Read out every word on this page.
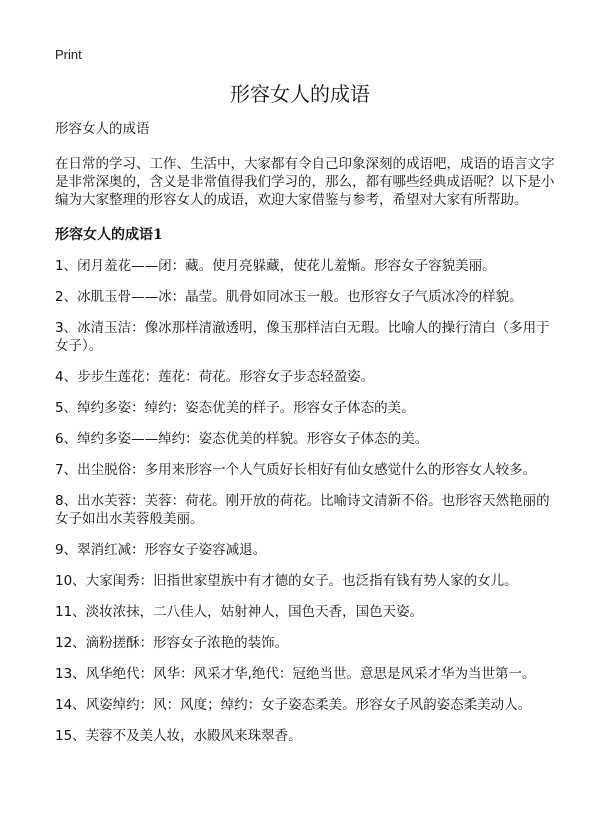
Print
形容女人的成语

形容女人的成语

在日常的学习、工作、生活中，大家都有令自己印象深刻的成语吧，成语的语言文字是非常深奥的，含义是非常值得我们学习的，那么，都有哪些经典成语呢？以下是小编为大家整理的形容女人的成语，欢迎大家借鉴与参考，希望对大家有所帮助。

形容女人的成语1
1、闭月羞花——闭：藏。使月亮躲藏，使花儿羞惭。形容女子容貌美丽。
2、冰肌玉骨——冰：晶莹。肌骨如同冰玉一般。也形容女子气质冰冷的样貌。
3、冰清玉洁：像冰那样清澈透明，像玉那样洁白无瑕。比喻人的操行清白（多用于女子）。
4、步步生莲花：莲花：荷花。形容女子步态轻盈姿。
5、绰约多姿：绰约：姿态优美的样子。形容女子体态的美。
6、绰约多姿——绰约：姿态优美的样貌。形容女子体态的美。
7、出尘脱俗：多用来形容一个人气质好长相好有仙女感觉什么的形容女人较多。
8、出水芙蓉：芙蓉：荷花。刚开放的荷花。比喻诗文清新不俗。也形容天然艳丽的女子如出水芙蓉般美丽。
9、翠消红减：形容女子姿容减退。
10、大家闺秀：旧指世家望族中有才德的女子。也泛指有钱有势人家的女儿。
11、淡妆浓抹，二八佳人，姑射神人，国色天香，国色天姿。
12、滴粉搓酥：形容女子浓艳的装饰。
13、风华绝代：风华：风采才华,绝代：冠绝当世。意思是风采才华为当世第一。
14、风姿绰约：风：风度；绰约：女子姿态柔美。形容女子风韵姿态柔美动人。
15、芙蓉不及美人妆，水殿风来珠翠香。
